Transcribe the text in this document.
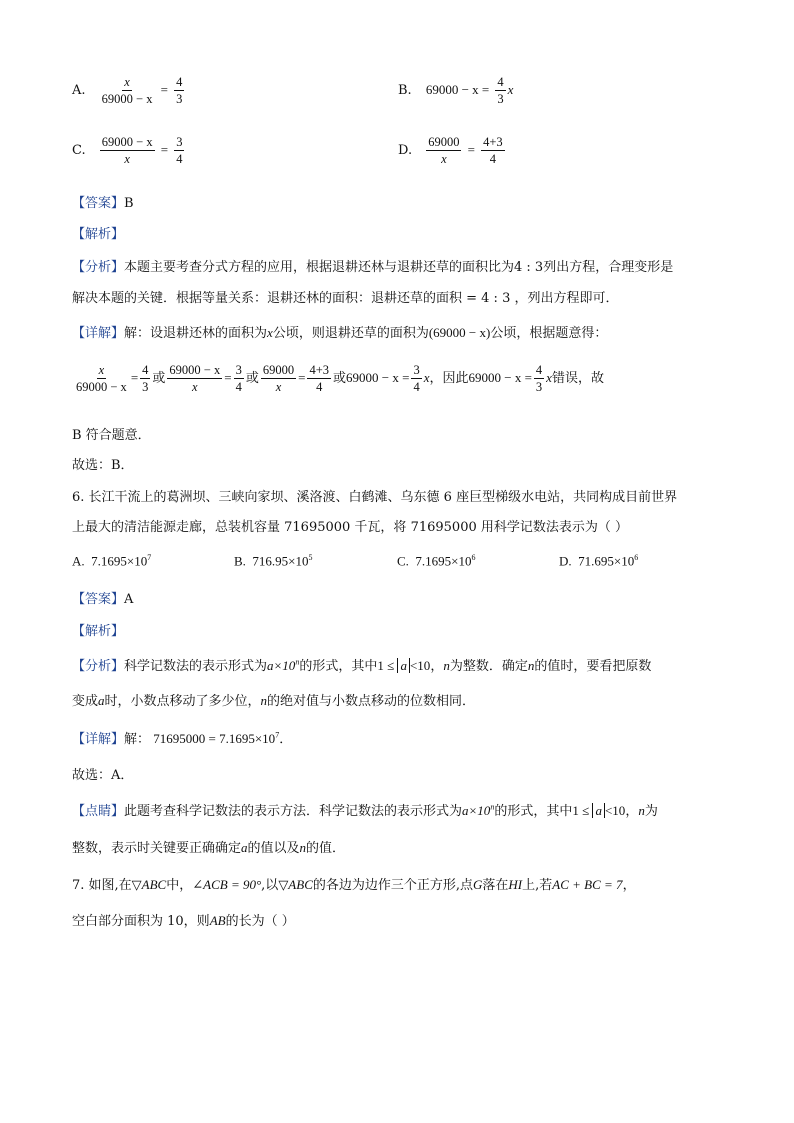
A. $\frac{x}{69000 - x} = \frac{4}{3}$	B. $69000 - x = \frac{4}{3}$ x
C. $\frac{69000 - x}{x} = \frac{3}{4}$	D. $\frac{69000}{x} = \frac{4+3}{4}$
【答案】B
【解析】
【分析】本题主要考查分式方程的应用，根据退耕还林与退耕还草的面积比为4 : 3列出方程，合理变形是
解决本题的关键．根据等量关系：退耕还林的面积：退耕还草的面积 = 4 : 3 ，列出方程即可．
【详解】解：设退耕还林的面积为x公顷，则退耕还草的面积为(69000 − x)公顷，根据题意得：
$\frac{x}{69000 - x} = \frac{4}{3}$ 或 $\frac{69000 - x}{x} = \frac{3}{4}$ 或 $\frac{69000}{x} = \frac{4+3}{4}$ 或$69000 - x = \frac{3}{4}$ x，因此$69000 - x = \frac{4}{3}$ x错误，故
B 符合题意．
故选：B．
6. 长江干流上的葛洲坝、三峡向家坝、溪洛渡、白鹤滩、乌东德 6 座巨型梯级水电站，共同构成目前世界
上最大的清洁能源走廊，总装机容量 71695000 千瓦，将 71695000 用科学记数法表示为（ ）
A. $7.1695\times 10^7$	B. $716.95\times 10^5$	C. $7.1695\times 10^6$	D. $71.695\times 10^6$
【答案】A
【解析】
【分析】科学记数法的表示形式为$a\times 10^n$的形式，其中1 ≤ a <10，n为整数．确定n的值时，要看把原数
变成a时，小数点移动了多少位，n的绝对值与小数点移动的位数相同．
【详解】解： $71695000 = 7.1695\times 10^7$．
故选：A．
【点睛】此题考查科学记数法的表示方法．科学记数法的表示形式为$a\times 10^n$的形式，其中1 ≤ a <10，n为
整数，表示时关键要正确确定a的值以及n的值．
7. 如图,在▽ABC中，∠ACB = 90°,以▽ABC的各边为边作三个正方形,点G落在HI上,若AC + BC = 7，
空白部分面积为 10，则AB的长为（ ）
